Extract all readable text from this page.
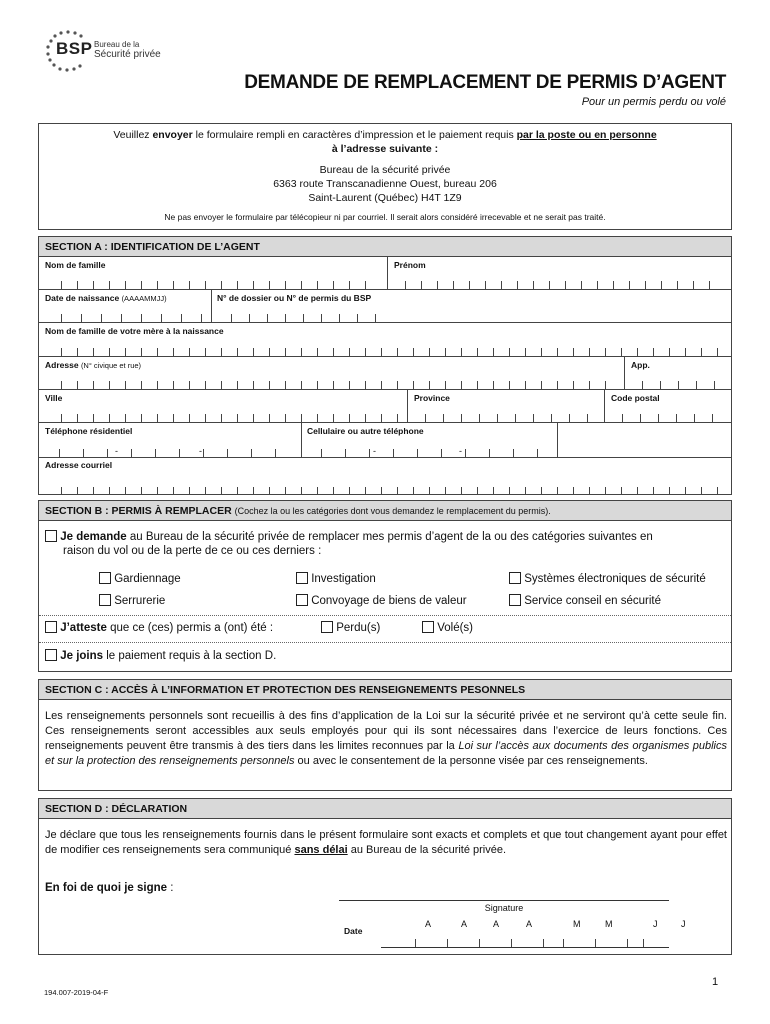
BSP Bureau de la
Sécurité privée
DEMANDE DE REMPLACEMENT DE PERMIS D’AGENT
Pour un permis perdu ou volé
Veuillez envoyer le formulaire rempli en caractères d’impression et le paiement requis par la poste ou en personne
à l’adresse suivante :
Bureau de la sécurité privée
6363 route Transcanadienne Ouest, bureau 206
Saint-Laurent (Québec) H4T 1Z9
Ne pas envoyer le formulaire par télécopieur ni par courriel. Il serait alors considéré irrecevable et ne serait pas traité.
SECTION A : IDENTIFICATION DE L’AGENT
Nom de famille	Prénom
Date de naissance (AAAAMMJJ)	N° de dossier ou N° de permis du BSP
Nom de famille de votre mère à la naissance
Adresse (N° civique et rue)	App.
Ville	Province	Code postal
Téléphone résidentiel	Cellulaire ou autre téléphone
-	-	-	-
Adresse courriel
SECTION B : PERMIS À REMPLACER (Cochez la ou les catégories dont vous demandez le remplacement du permis).
Je demande au Bureau de la sécurité privée de remplacer mes permis d’agent de la ou des catégories suivantes en
raison du vol ou de la perte de ce ou ces derniers :
Gardiennage	Investigation	Systèmes électroniques de sécurité
Serrurerie	Convoyage de biens de valeur	Service conseil en sécurité
J’atteste que ce (ces) permis a (ont) été :	Perdu(s)	Volé(s)
Je joins le paiement requis à la section D.
SECTION C : ACCÈS À L’INFORMATION ET PROTECTION DES RENSEIGNEMENTS PESONNELS
Les renseignements personnels sont recueillis à des fins d’application de la Loi sur la sécurité privée et ne serviront qu’à cette seule fin. Ces renseignements seront accessibles aux seuls employés pour qui ils sont nécessaires dans l’exercice de leurs fonctions. Ces renseignements peuvent être transmis à des tiers dans les limites reconnues par la Loi sur l’accès aux documents des organismes publics et sur la protection des renseignements personnels ou avec le consentement de la personne visée par ces renseignements.
SECTION D : DÉCLARATION
Je déclare que tous les renseignements fournis dans le présent formulaire sont exacts et complets et que tout changement ayant pour effet de modifier ces renseignements sera communiqué sans délai au Bureau de la sécurité privée.
En foi de quoi je signe :
Signature
Date
A	A	A	A	M	M	J	J
194.007-2019-04-F
1
